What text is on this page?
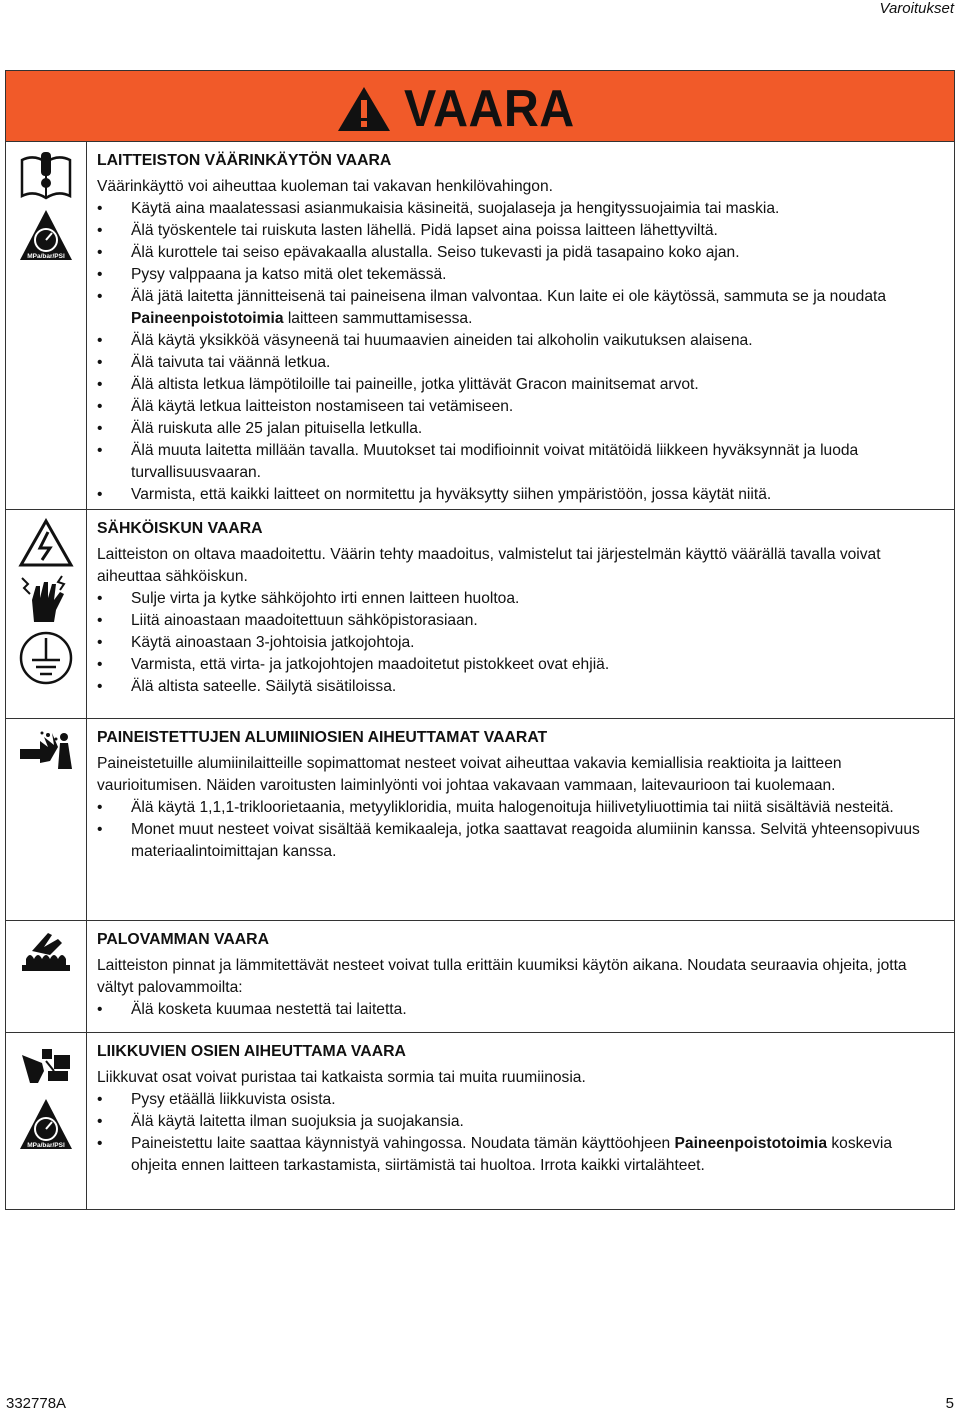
Varoitukset
VAARA
MPa/bar/PSI
LAITTEISTON VÄÄRINKÄYTÖN VAARA

Väärinkäyttö voi aiheuttaa kuoleman tai vakavan henkilövahingon.

• Käytä aina maalatessasi asianmukaisia käsineitä, suojalaseja ja hengityssuojaimia tai maskia.
• Älä työskentele tai ruiskuta lasten lähellä. Pidä lapset aina poissa laitteen lähettyviltä.
• Älä kurottele tai seiso epävakaalla alustalla. Seiso tukevasti ja pidä tasapaino koko ajan.
• Pysy valppaana ja katso mitä olet tekemässä.
• Älä jätä laitetta jännitteisenä tai paineisena ilman valvontaa. Kun laite ei ole käytössä, sammuta se ja noudata Paineenpoistotoimia laitteen sammuttamisessa.
• Älä käytä yksikköä väsyneenä tai huumaavien aineiden tai alkoholin vaikutuksen alaisena.
• Älä taivuta tai väännä letkua.
• Älä altista letkua lämpötiloille tai paineille, jotka ylittävät Gracon mainitsemat arvot.
• Älä käytä letkua laitteiston nostamiseen tai vetämiseen.
• Älä ruiskuta alle 25 jalan pituisella letkulla.
• Älä muuta laitetta millään tavalla. Muutokset tai modifioinnit voivat mitätöidä liikkeen hyväksynnät ja luoda turvallisuusvaaran.
• Varmista, että kaikki laitteet on normitettu ja hyväksytty siihen ympäristöön, jossa käytät niitä.
SÄHKÖISKUN VAARA

Laitteiston on oltava maadoitettu. Väärin tehty maadoitus, valmistelut tai järjestelmän käyttö väärällä tavalla voivat aiheuttaa sähköiskun.

• Sulje virta ja kytke sähköjohto irti ennen laitteen huoltoa.
• Liitä ainoastaan maadoitettuun sähköpistorasiaan.
• Käytä ainoastaan 3-johtoisia jatkojohtoja.
• Varmista, että virta- ja jatkojohtojen maadoitetut pistokkeet ovat ehjiä.
• Älä altista sateelle. Säilytä sisätiloissa.
PAINEISTETTUJEN ALUMIINIOSIEN AIHEUTTAMAT VAARAT

Paineistetuille alumiinilaitteille sopimattomat nesteet voivat aiheuttaa vakavia kemiallisia reaktioita ja laitteen vaurioitumisen. Näiden varoitusten laiminlyönti voi johtaa vakavaan vammaan, laitevaurioon tai kuolemaan.

• Älä käytä 1,1,1-trikloorietaania, metyylikloridia, muita halogenoituja hiilivetyliuottimia tai niitä sisältäviä nesteitä.
• Monet muut nesteet voivat sisältää kemikaaleja, jotka saattavat reagoida alumiinin kanssa. Selvitä yhteensopivuus materiaalintoimittajan kanssa.
PALOVAMMAN VAARA

Laitteiston pinnat ja lämmitettävät nesteet voivat tulla erittäin kuumiksi käytön aikana. Noudata seuraavia ohjeita, jotta vältyt palovammoilta:

• Älä kosketa kuumaa nestettä tai laitetta.
MPa/bar/PSI
LIIKKUVIEN OSIEN AIHEUTTAMA VAARA

Liikkuvat osat voivat puristaa tai katkaista sormia tai muita ruumiinosia.

• Pysy etäällä liikkuvista osista.
• Älä käytä laitetta ilman suojuksia ja suojakansia.
• Paineistettu laite saattaa käynnistyä vahingossa. Noudata tämän käyttöohjeen Paineenpoistotoimia koskevia ohjeita ennen laitteen tarkastamista, siirtämistä tai huoltoa. Irrota kaikki virtalähteet.
332778A	5
